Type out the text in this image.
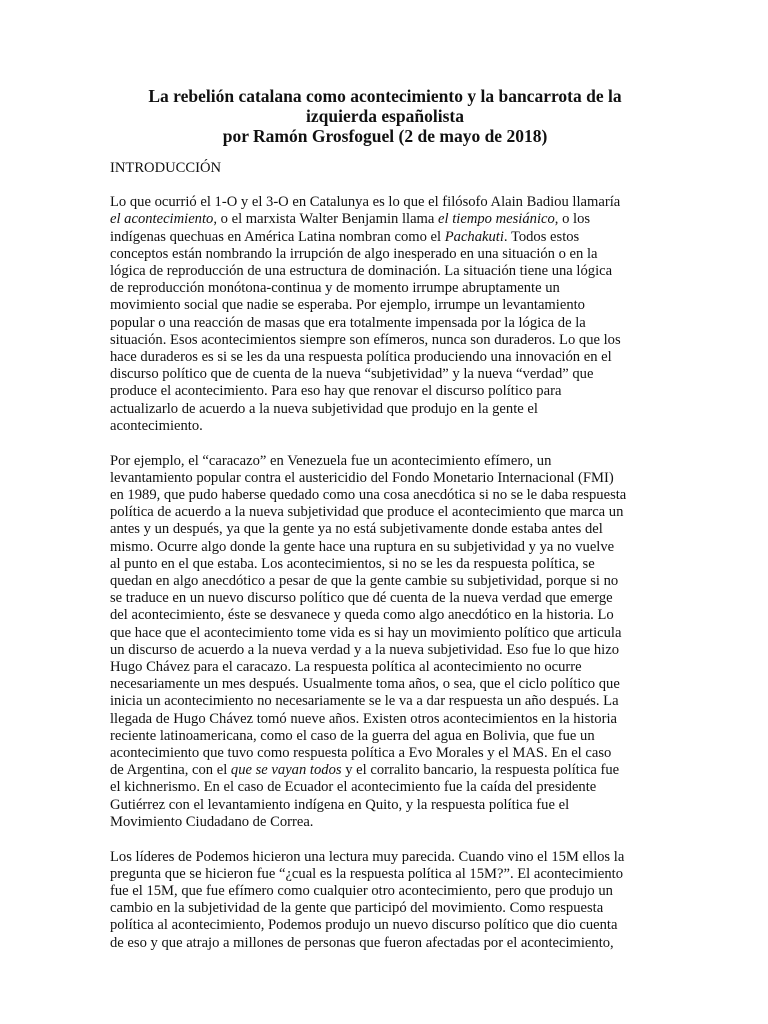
La rebelión catalana como acontecimiento y la bancarrota de la
izquierda españolista
por Ramón Grosfoguel (2 de mayo de 2018)
INTRODUCCIÓN
Lo que ocurrió el 1-O y el 3-O en Catalunya es lo que el filósofo Alain Badiou llamaría
el acontecimiento, o el marxista Walter Benjamin llama el tiempo mesiánico, o los
indígenas quechuas en América Latina nombran como el Pachakuti. Todos estos
conceptos están nombrando la irrupción de algo inesperado en una situación o en la
lógica de reproducción de una estructura de dominación. La situación tiene una lógica
de reproducción monótona-continua y de momento irrumpe abruptamente un
movimiento social que nadie se esperaba. Por ejemplo, irrumpe un levantamiento
popular o una reacción de masas que era totalmente impensada por la lógica de la
situación. Esos acontecimientos siempre son efímeros, nunca son duraderos. Lo que los
hace duraderos es si se les da una respuesta política produciendo una innovación en el
discurso político que de cuenta de la nueva “subjetividad” y la nueva “verdad” que
produce el acontecimiento. Para eso hay que renovar el discurso político para
actualizarlo de acuerdo a la nueva subjetividad que produjo en la gente el
acontecimiento.
Por ejemplo, el “caracazo” en Venezuela fue un acontecimiento efímero, un
levantamiento popular contra el austericidio del Fondo Monetario Internacional (FMI)
en 1989, que pudo haberse quedado como una cosa anecdótica si no se le daba respuesta
política de acuerdo a la nueva subjetividad que produce el acontecimiento que marca un
antes y un después, ya que la gente ya no está subjetivamente donde estaba antes del
mismo. Ocurre algo donde la gente hace una ruptura en su subjetividad y ya no vuelve
al punto en el que estaba. Los acontecimientos, si no se les da respuesta política, se
quedan en algo anecdótico a pesar de que la gente cambie su subjetividad, porque si no
se traduce en un nuevo discurso político que dé cuenta de la nueva verdad que emerge
del acontecimiento, éste se desvanece y queda como algo anecdótico en la historia. Lo
que hace que el acontecimiento tome vida es si hay un movimiento político que articula
un discurso de acuerdo a la nueva verdad y a la nueva subjetividad. Eso fue lo que hizo
Hugo Chávez para el caracazo. La respuesta política al acontecimiento no ocurre
necesariamente un mes después. Usualmente toma años, o sea, que el ciclo político que
inicia un acontecimiento no necesariamente se le va a dar respuesta un año después. La
llegada de Hugo Chávez tomó nueve años. Existen otros acontecimientos en la historia
reciente latinoamericana, como el caso de la guerra del agua en Bolivia, que fue un
acontecimiento que tuvo como respuesta política a Evo Morales y el MAS. En el caso
de Argentina, con el que se vayan todos y el corralito bancario, la respuesta política fue
el kichnerismo. En el caso de Ecuador el acontecimiento fue la caída del presidente
Gutiérrez con el levantamiento indígena en Quito, y la respuesta política fue el
Movimiento Ciudadano de Correa.
Los líderes de Podemos hicieron una lectura muy parecida. Cuando vino el 15M ellos la
pregunta que se hicieron fue “¿cual es la respuesta política al 15M?”. El acontecimiento
fue el 15M, que fue efímero como cualquier otro acontecimiento, pero que produjo un
cambio en la subjetividad de la gente que participó del movimiento. Como respuesta
política al acontecimiento, Podemos produjo un nuevo discurso político que dio cuenta
de eso y que atrajo a millones de personas que fueron afectadas por el acontecimiento,
